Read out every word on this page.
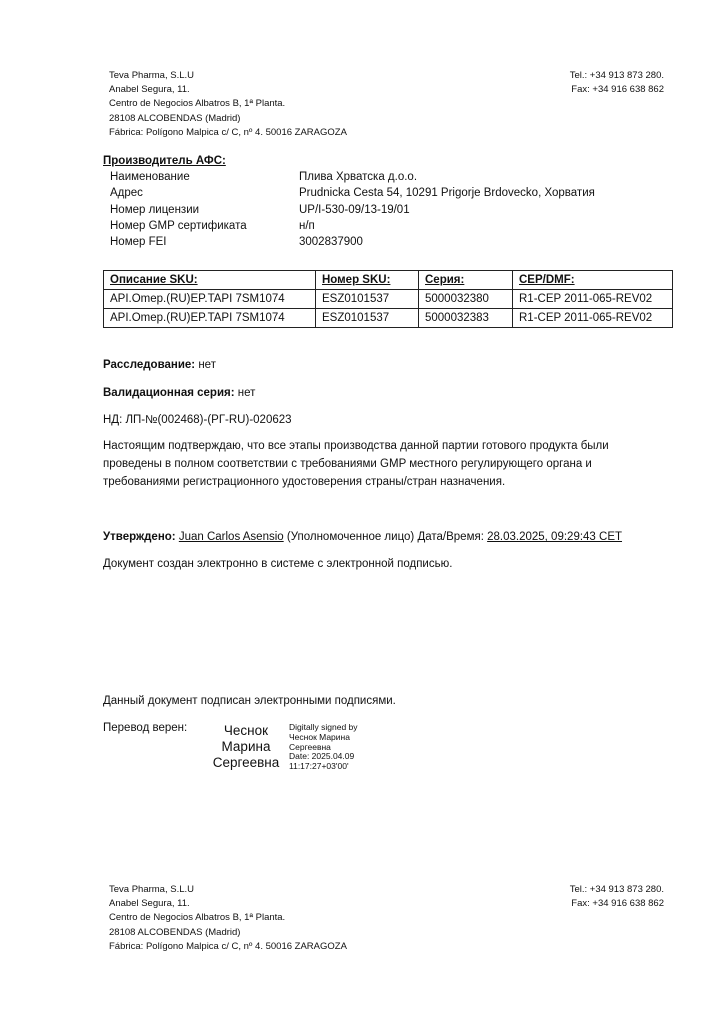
Teva Pharma, S.L.U
Anabel Segura, 11.
Centro de Negocios Albatros B, 1ª Planta.
28108 ALCOBENDAS (Madrid)
Fábrica: Polígono Malpica c/ C, nº 4. 50016 ZARAGOZA
Tel.: +34 913 873 280.
Fax: +34 916 638 862
Производитель АФС:
Наименование	Плива Хрватска д.о.о.
Адрес	Prudnicka Cesta 54, 10291 Prigorje Brdovecko, Хорватия
Номер лицензии	UP/I-530-09/13-19/01
Номер GMP сертификата	н/п
Номер FEI	3002837900
Описание SKU:	Номер SKU:	Серия:	CEP/DMF:
API.Omep.(RU)EP.TAPI 7SM1074	ESZ0101537	5000032380	R1-CEP 2011-065-REV02
API.Omep.(RU)EP.TAPI 7SM1074	ESZ0101537	5000032383	R1-CEP 2011-065-REV02
Расследование: нет
Валидационная серия: нет
НД: ЛП-№(002468)-(РГ-RU)-020623
Настоящим подтверждаю, что все этапы производства данной партии готового продукта были проведены в полном соответствии с требованиями GMP местного регулирующего органа и требованиями регистрационного удостоверения страны/стран назначения.
Утверждено: Juan Carlos Asensio (Уполномоченное лицо) Дата/Время: 28.03.2025, 09:29:43 CET
Документ создан электронно в системе с электронной подписью.
Данный документ подписан электронными подписями.
Перевод верен:	Чеснок
Марина
Сергеевна
Digitally signed by
Чеснок Марина
Сергеевна
Date: 2025.04.09
11:17:27+03'00'
Teva Pharma, S.L.U
Anabel Segura, 11.
Centro de Negocios Albatros B, 1ª Planta.
28108 ALCOBENDAS (Madrid)
Fábrica: Polígono Malpica c/ C, nº 4. 50016 ZARAGOZA
Tel.: +34 913 873 280.
Fax: +34 916 638 862
